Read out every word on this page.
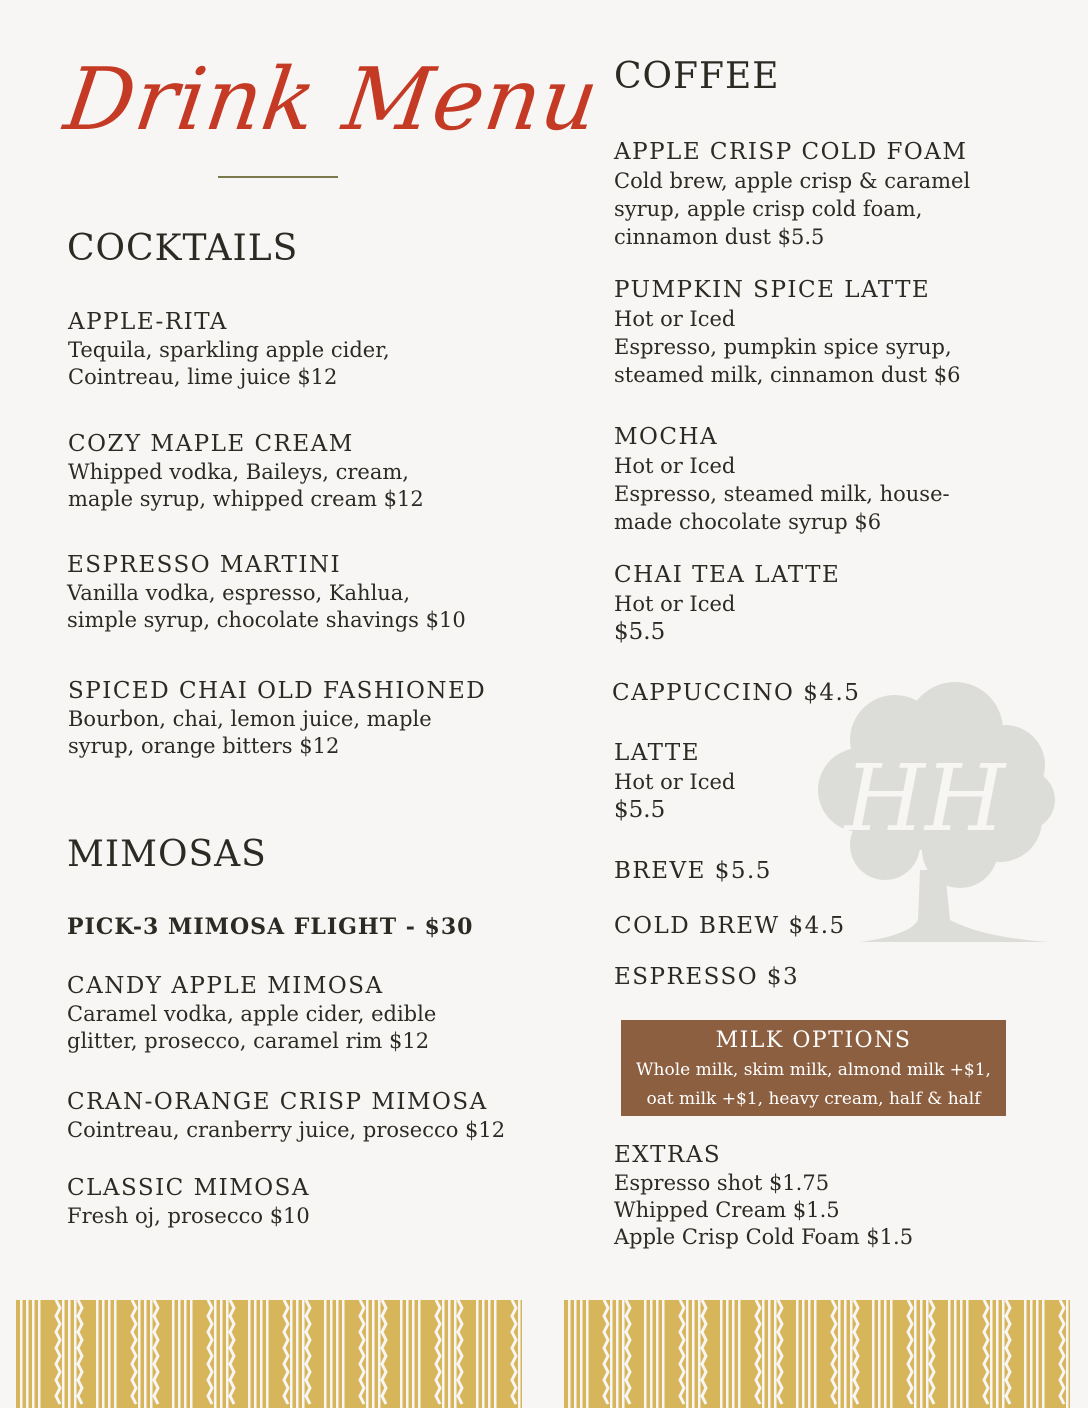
Drink Menu
COCKTAILS
APPLE-RITA
Tequila, sparkling apple cider,
Cointreau, lime juice $12
COZY MAPLE CREAM
Whipped vodka, Baileys, cream,
maple syrup, whipped cream $12
ESPRESSO MARTINI
Vanilla vodka, espresso, Kahlua,
simple syrup, chocolate shavings $10
SPICED CHAI OLD FASHIONED
Bourbon, chai, lemon juice, maple
syrup, orange bitters $12
MIMOSAS
PICK-3 MIMOSA FLIGHT - $30
CANDY APPLE MIMOSA
Caramel vodka, apple cider, edible
glitter, prosecco, caramel rim $12
CRAN-ORANGE CRISP MIMOSA
Cointreau, cranberry juice, prosecco $12
CLASSIC MIMOSA
Fresh oj, prosecco $10
HH
COFFEE
APPLE CRISP COLD FOAM
Cold brew, apple crisp & caramel
syrup, apple crisp cold foam,
cinnamon dust $5.5
PUMPKIN SPICE LATTE
Hot or Iced
Espresso, pumpkin spice syrup,
steamed milk, cinnamon dust $6
MOCHA
Hot or Iced
Espresso, steamed milk, house-
made chocolate syrup $6
CHAI TEA LATTE
Hot or Iced
$5.5
CAPPUCCINO $4.5
LATTE
Hot or Iced
$5.5
BREVE $5.5
COLD BREW $4.5
ESPRESSO $3
MILK OPTIONS
Whole milk, skim milk, almond milk +$1,
oat milk +$1, heavy cream, half & half
EXTRAS
Espresso shot $1.75
Whipped Cream $1.5
Apple Crisp Cold Foam $1.5
